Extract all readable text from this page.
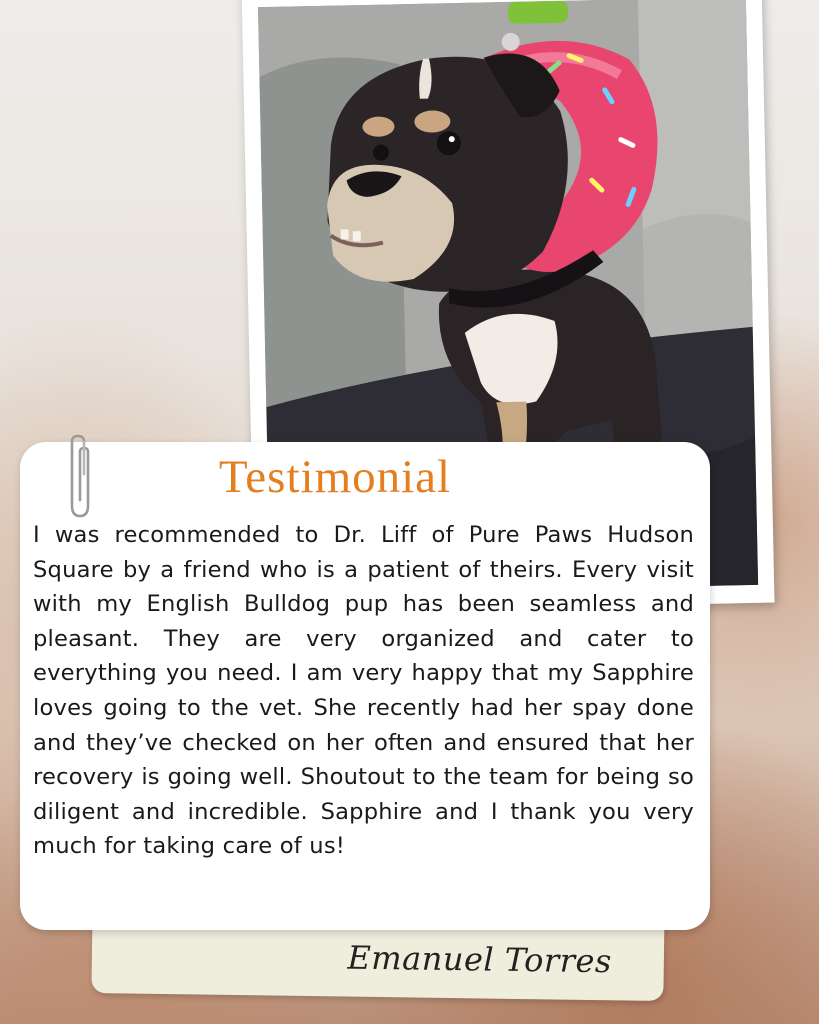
Emanuel Torres
Testimonial

I was recommended to Dr. Liff of Pure Paws Hudson Square by a friend who is a patient of theirs. Every visit with my English Bulldog pup has been seamless and pleasant. They are very organized and cater to everything you need. I am very happy that my Sapphire loves going to the vet. She recently had her spay done and they’ve checked on her often and ensured that her recovery is going well. Shoutout to the team for being so diligent and incredible. Sapphire and I thank you very much for taking care of us!
